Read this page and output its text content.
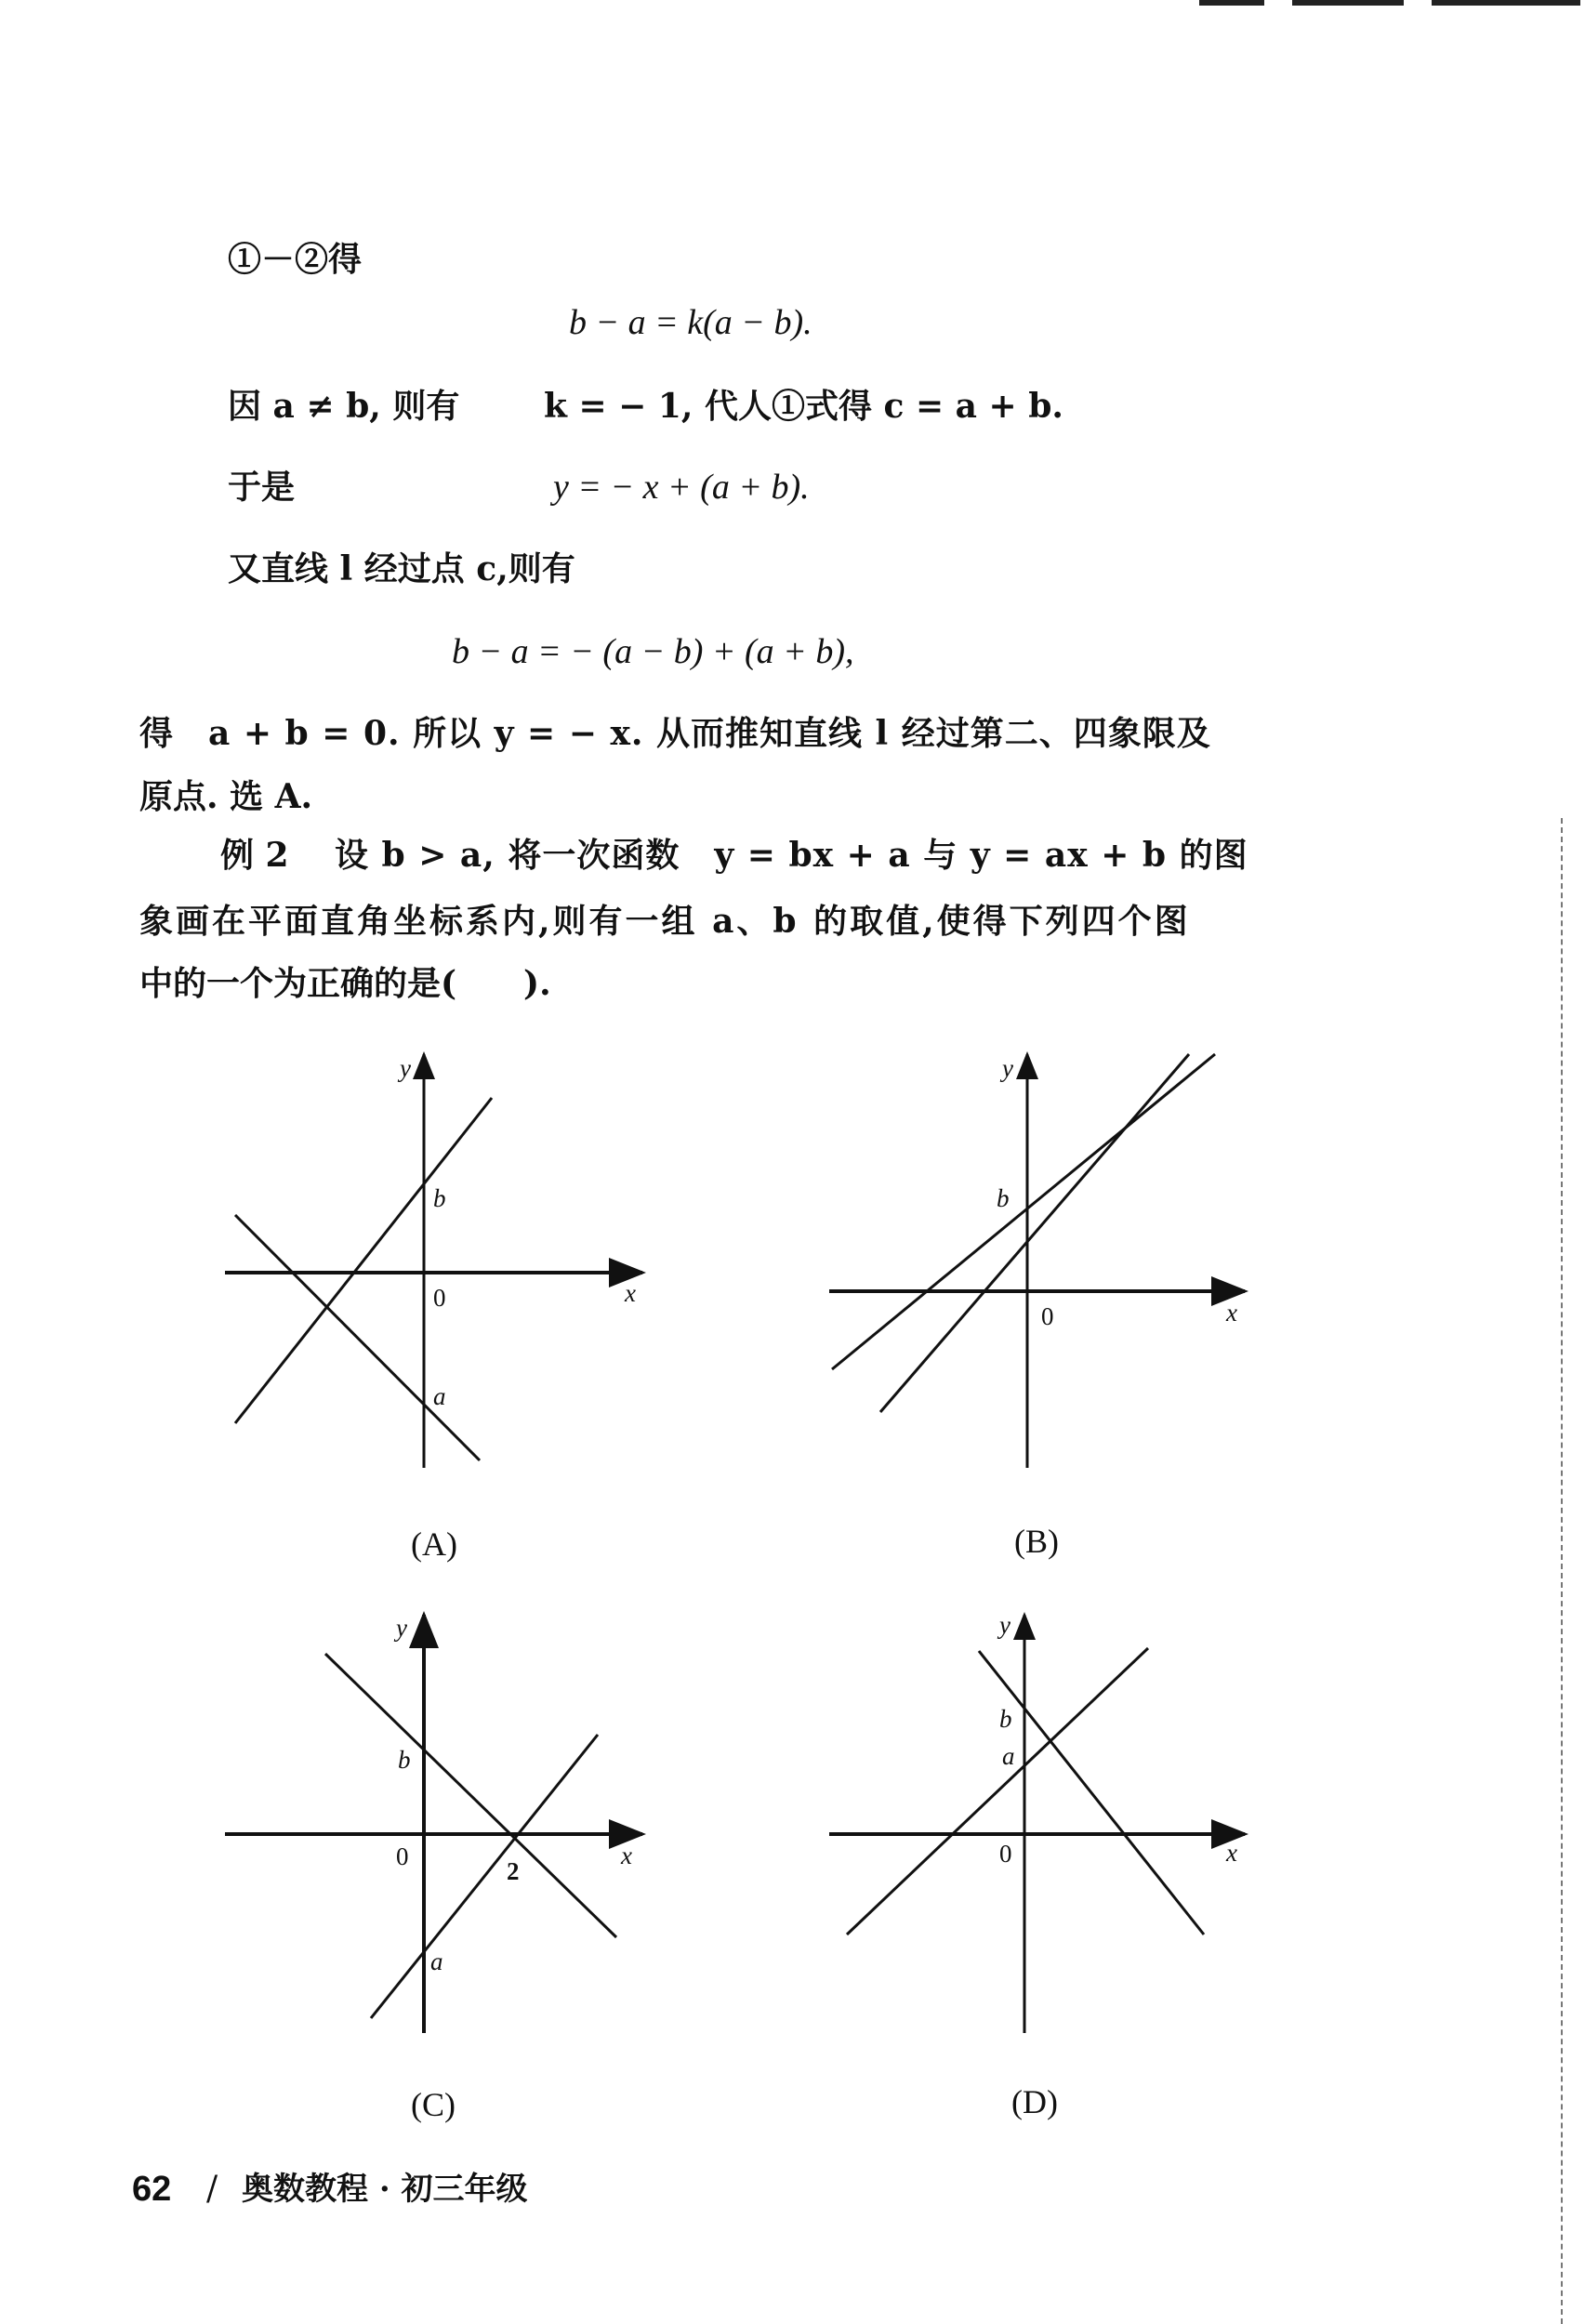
①－②得
b − a = k(a − b).
因 a ≠ b, 则有	k = − 1, 代人①式得 c = a + b.
于是	y = − x + (a + b).
又直线 l 经过点 c,则有
b − a = − (a − b) + (a + b),
得　a + b = 0. 所以 y = − x. 从而推知直线 l 经过第二、四象限及
原点. 选 A.
例 2 设 b > a, 将一次函数　y = bx + a 与 y = ax + b 的图
象画在平面直角坐标系内,则有一组 a、b 的取值,使得下列四个图
中的一个为正确的是(　　).
y
b
0	x
a
y
b
0	x
y
b
0
2
x
a
y
b
a
0	x
(A)	(B)
(C)	(D)
62 / 奥数教程 · 初三年级
